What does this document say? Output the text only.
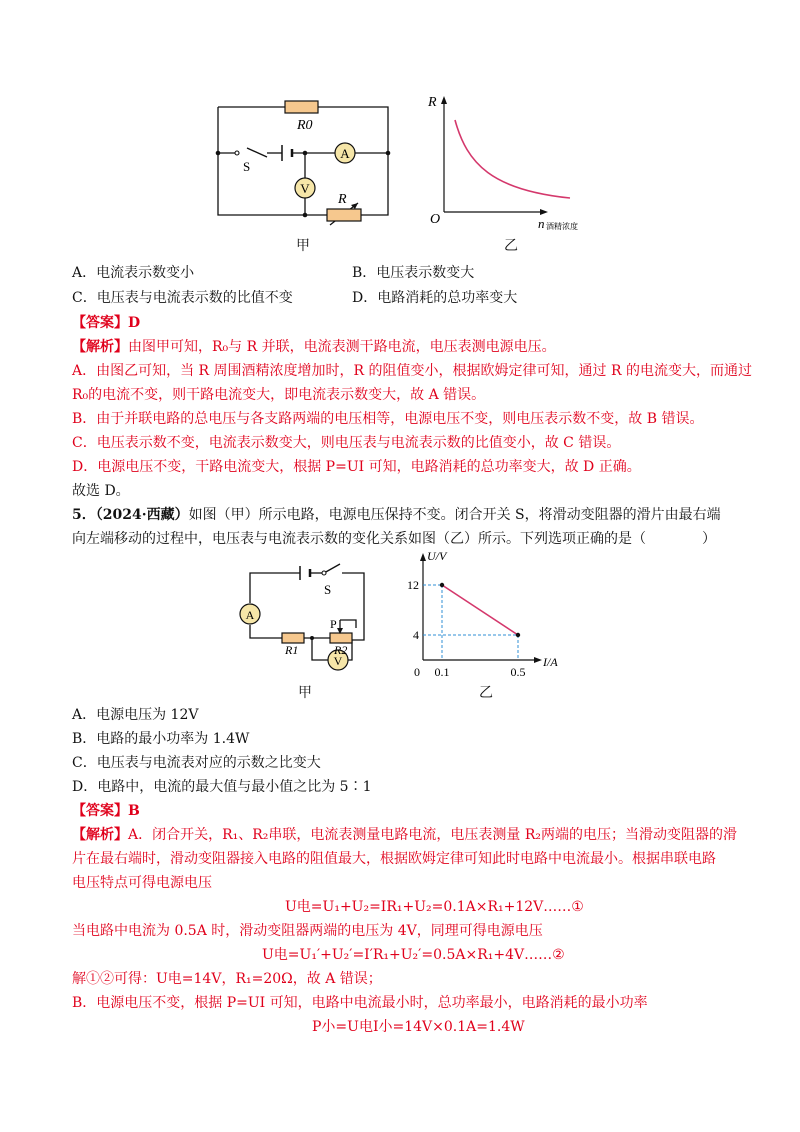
A
V
R0
S
R
R
O	n 酒精浓度
甲	乙
A．电流表示数变小	B．电压表示数变大
C．电压表与电流表示数的比值不变	D．电路消耗的总功率变大
【答案】D
【解析】由图甲可知，R₀与 R 并联，电流表测干路电流，电压表测电源电压。
A．由图乙可知，当 R 周围酒精浓度增加时，R 的阻值变小，根据欧姆定律可知，通过 R 的电流变大，而通过
R₀的电流不变，则干路电流变大，即电流表示数变大，故 A 错误。
B．由于并联电路的总电压与各支路两端的电压相等，电源电压不变，则电压表示数不变，故 B 错误。
C．电压表示数不变，电流表示数变大，则电压表与电流表示数的比值变小，故 C 错误。
D．电源电压不变，干路电流变大，根据 P=UI 可知，电路消耗的总功率变大，故 D 正确。
故选 D。
5．（2024·西藏）如图（甲）所示电路，电源电压保持不变。闭合开关 S，将滑动变阻器的滑片由最右端
向左端移动的过程中，电压表与电流表示数的变化关系如图（乙）所示。下列选项正确的是（　　　　）
A
V
S
P
R1	R2
U/V
I/A
12
4
0 0.1	0.5
甲	乙
A．电源电压为 12V
B．电路的最小功率为 1.4W
C．电压表与电流表对应的示数之比变大
D．电路中，电流的最大值与最小值之比为 5∶1
【答案】B
【解析】A．闭合开关，R₁、R₂串联，电流表测量电路电流，电压表测量 R₂两端的电压；当滑动变阻器的滑
片在最右端时，滑动变阻器接入电路的阻值最大，根据欧姆定律可知此时电路中电流最小。根据串联电路
电压特点可得电源电压
U电=U₁+U₂=IR₁+U₂=0.1A×R₁+12V……①
当电路中电流为 0.5A 时，滑动变阻器两端的电压为 4V，同理可得电源电压
U电=U₁′+U₂′=I′R₁+U₂′=0.5A×R₁+4V……②
解①②可得：U电=14V，R₁=20Ω，故 A 错误；
B．电源电压不变，根据 P=UI 可知，电路中电流最小时，总功率最小，电路消耗的最小功率
P小=U电I小=14V×0.1A=1.4W
